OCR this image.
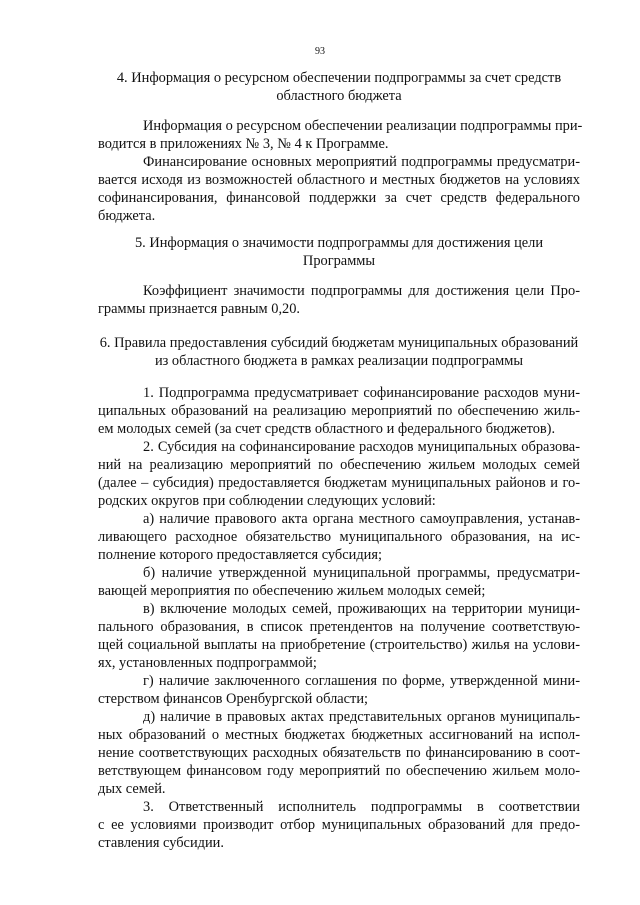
93
4. Информация о ресурсном обеспечении подпрограммы за счет средств
областного бюджета
Информация о ресурсном обеспечении реализации подпрограммы при-
водится в приложениях № 3, № 4 к Программе.
Финансирование основных мероприятий подпрограммы предусматри-
вается исходя из возможностей областного и местных бюджетов на условиях
софинансирования, финансовой поддержки за счет средств федерального
бюджета.
5. Информация о значимости подпрограммы для достижения цели
Программы
Коэффициент значимости подпрограммы для достижения цели Про-
граммы признается равным 0,20.
6. Правила предоставления субсидий бюджетам муниципальных образований
из областного бюджета в рамках реализации подпрограммы
1. Подпрограмма предусматривает софинансирование расходов муни-
ципальных образований на реализацию мероприятий по обеспечению жиль-
ем молодых семей (за счет средств областного и федерального бюджетов).
2. Субсидия на софинансирование расходов муниципальных образова-
ний на реализацию мероприятий по обеспечению жильем молодых семей
(далее – субсидия) предоставляется бюджетам муниципальных районов и го-
родских округов при соблюдении следующих условий:
а) наличие правового акта органа местного самоуправления, устанав-
ливающего расходное обязательство муниципального образования, на ис-
полнение которого предоставляется субсидия;
б) наличие утвержденной муниципальной программы, предусматри-
вающей мероприятия по обеспечению жильем молодых семей;
в) включение молодых семей, проживающих на территории муници-
пального образования, в список претендентов на получение соответствую-
щей социальной выплаты на приобретение (строительство) жилья на услови-
ях, установленных подпрограммой;
г) наличие заключенного соглашения по форме, утвержденной мини-
стерством финансов Оренбургской области;
д) наличие в правовых актах представительных органов муниципаль-
ных образований о местных бюджетах бюджетных ассигнований на испол-
нение соответствующих расходных обязательств по финансированию в соот-
ветствующем финансовом году мероприятий по обеспечению жильем моло-
дых семей.
3. Ответственный исполнитель подпрограммы в соответствии
с ее условиями производит отбор муниципальных образований для предо-
ставления субсидии.
